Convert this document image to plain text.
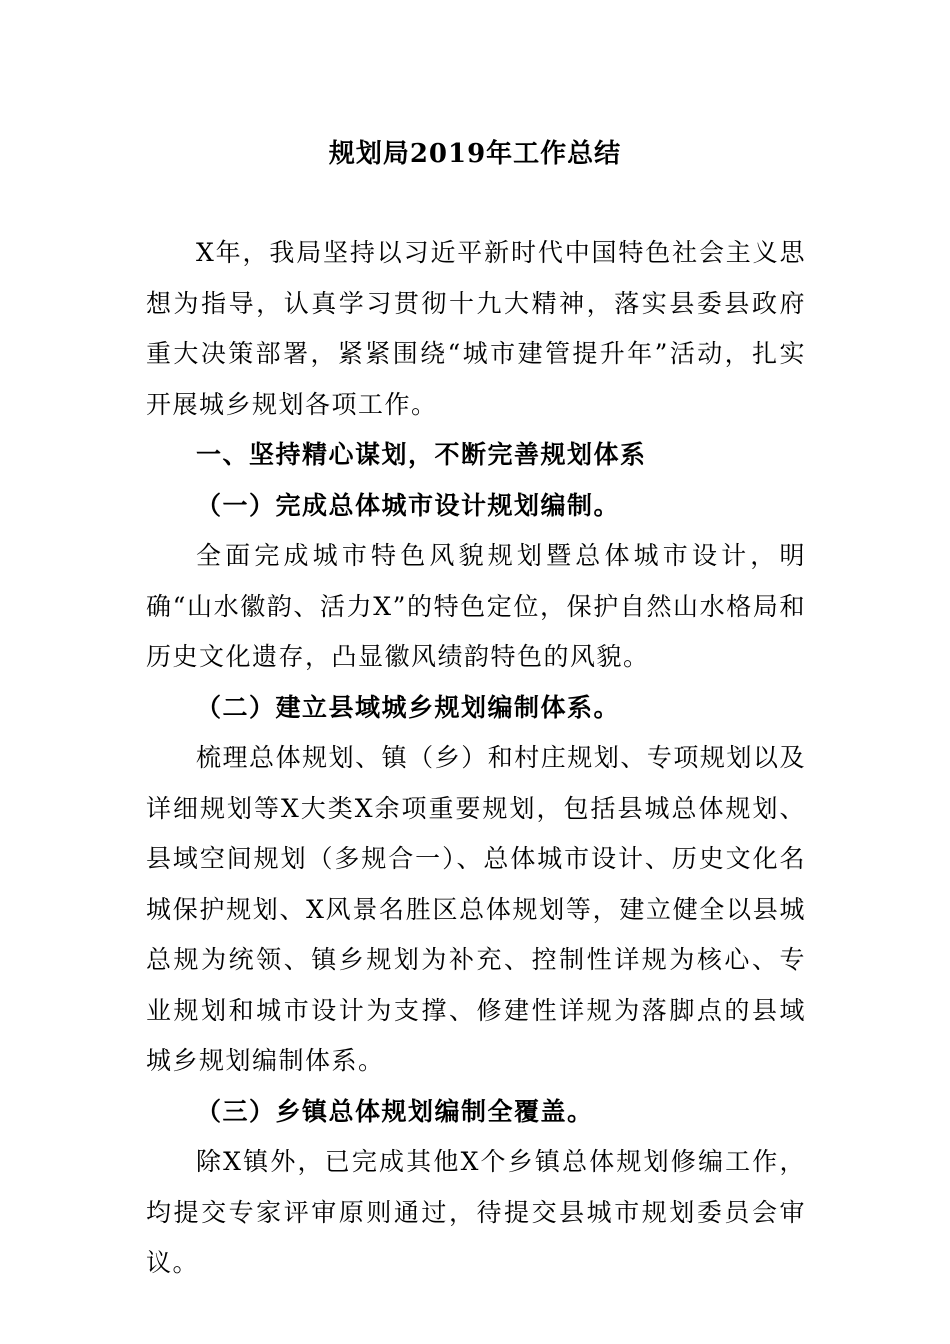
规划局2019年工作总结

X年，我局坚持以习近平新时代中国特色社会主义思想为指导，认真学习贯彻十九大精神，落实县委县政府重大决策部署，紧紧围绕“城市建管提升年”活动，扎实开展城乡规划各项工作。

一、坚持精心谋划，不断完善规划体系

（一）完成总体城市设计规划编制。

全面完成城市特色风貌规划暨总体城市设计，明确“山水徽韵、活力X”的特色定位，保护自然山水格局和历史文化遗存，凸显徽风绩韵特色的风貌。

（二）建立县域城乡规划编制体系。

梳理总体规划、镇（乡）和村庄规划、专项规划以及详细规划等X大类X余项重要规划，包括县城总体规划、县域空间规划（多规合一）、总体城市设计、历史文化名城保护规划、X风景名胜区总体规划等，建立健全以县城总规为统领、镇乡规划为补充、控制性详规为核心、专业规划和城市设计为支撑、修建性详规为落脚点的县域城乡规划编制体系。

（三）乡镇总体规划编制全覆盖。

除X镇外，已完成其他X个乡镇总体规划修编工作，均提交专家评审原则通过，待提交县城市规划委员会审议。
